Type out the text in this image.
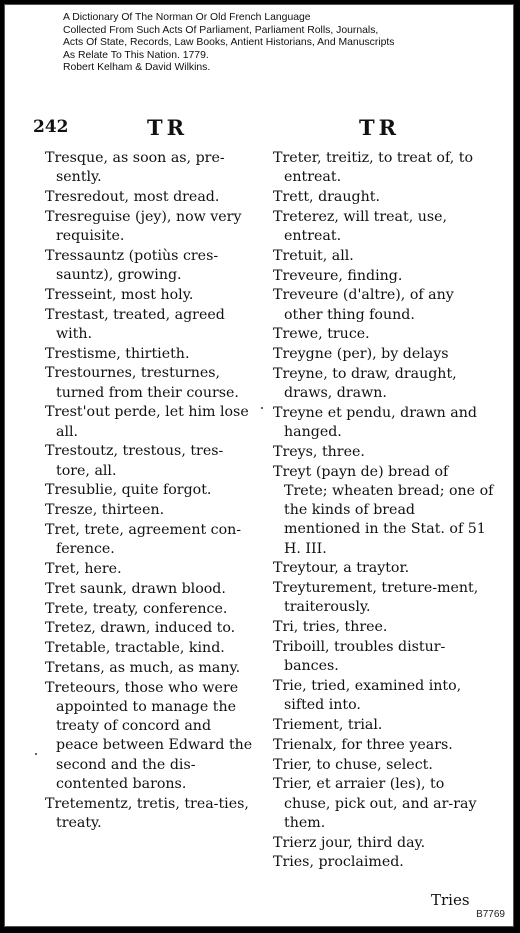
A Dictionary Of The Norman Or Old French Language
Collected From Such Acts Of Parliament, Parliament Rolls, Journals,
Acts Of State, Records, Law Books, Antient Historians, And Manuscripts
As Relate To This Nation. 1779.
Robert Kelham & David Wilkins.
242	TR	TR
Tresque, as soon as, pre-sently.
Tresredout, most dread.
Tresreguise (jey), now very requisite.
Tressauntz (potiùs cres-sauntz), growing.
Tresseint, most holy.
Trestast, treated, agreed with.
Trestisme, thirtieth.
Trestournes, tresturnes, turned from their course.
Trest'out perde, let him lose all.
Trestoutz, trestous, tres-tore, all.
Tresublie, quite forgot.
Tresze, thirteen.
Tret, trete, agreement con-ference.
Tret, here.
Tret saunk, drawn blood.
Trete, treaty, conference.
Tretez, drawn, induced to.
Tretable, tractable, kind.
Tretans, as much, as many.
Treteours, those who were appointed to manage the treaty of concord and peace between Edward the second and the dis-contented barons.
Tretementz, tretis, trea-ties, treaty.
Treter, treitiz, to treat of, to entreat.
Trett, draught.
Treterez, will treat, use, entreat.
Tretuit, all.
Treveure, finding.
Treveure (d'altre), of any other thing found.
Trewe, truce.
Treygne (per), by delays
Treyne, to draw, draught, draws, drawn.
Treyne et pendu, drawn and hanged.
Treys, three.
Treyt (payn de) bread of Trete; wheaten bread; one of the kinds of bread mentioned in the Stat. of 51 H. III.
Treytour, a traytor.
Treyturement, treture-ment, traiterously.
Tri, tries, three.
Triboill, troubles distur-bances.
Trie, tried, examined into, sifted into.
Triement, trial.
Trienalx, for three years.
Trier, to chuse, select.
Trier, et arraier (les), to chuse, pick out, and ar-ray them.
Trierz jour, third day.
Tries, proclaimed.
Tries
B7769
